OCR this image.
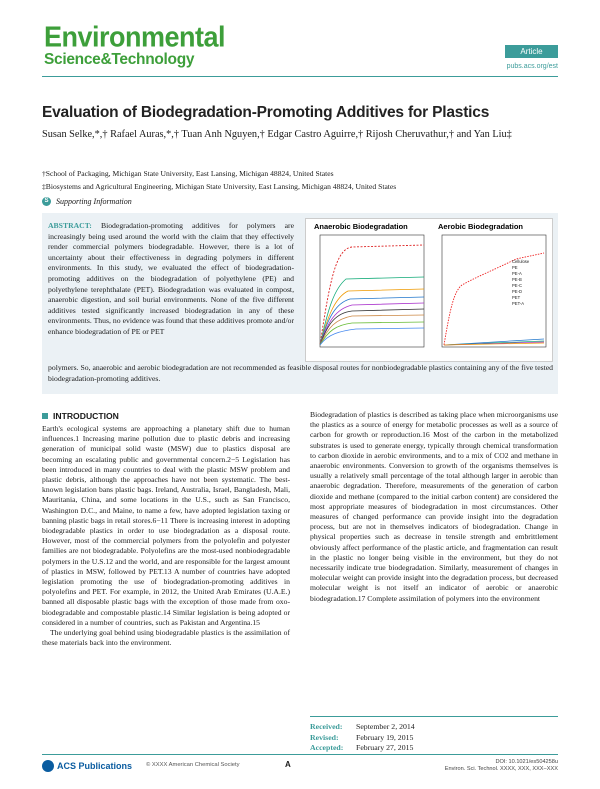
Environmental
Science&Technology	Article
pubs.acs.org/est
Evaluation of Biodegradation-Promoting Additives for Plastics
Susan Selke,*,† Rafael Auras,*,† Tuan Anh Nguyen,† Edgar Castro Aguirre,† Rijosh Cheruvathur,† and Yan Liu‡
†School of Packaging, Michigan State University, East Lansing, Michigan 48824, United States
‡Biosystems and Agricultural Engineering, Michigan State University, East Lansing, Michigan 48824, United States
S Supporting Information
ABSTRACT: Biodegradation-promoting additives for polymers are increasingly being used around the world with the claim that they effectively render commercial polymers biodegradable. However, there is a lot of uncertainty about their effectiveness in degrading polymers in different environments. In this study, we evaluated the effect of biodegradation-promoting additives on the biodegradation of polyethylene (PE) and polyethylene terephthalate (PET). Biodegradation was evaluated in compost, anaerobic digestion, and soil burial environments. None of the five different additives tested significantly increased biodegradation in any of these environments. Thus, no evidence was found that these additives promote and/or enhance biodegradation of PE or PET
polymers. So, anaerobic and aerobic biodegradation are not recommended as feasible disposal routes for nonbiodegradable plastics containing any of the five tested biodegradation-promoting additives.
Anaerobic Biodegradation	Aerobic Biodegradation
Cellulose
PE
PE-A
PE-B
PE-C
PE-D
PET
PET-A
INTRODUCTION

Earth's ecological systems are approaching a planetary shift due to human influences.1 Increasing marine pollution due to plastic debris and increasing generation of municipal solid waste (MSW) due to plastics disposal are becoming an escalating public and governmental concern.2−5 Legislation has been introduced in many countries to deal with the plastic MSW problem and plastic debris, although the approaches have not been systematic. The best-known legislation bans plastic bags. Ireland, Australia, Israel, Bangladesh, Mali, Mauritania, China, and some locations in the U.S., such as San Francisco, Washington D.C., and Maine, to name a few, have adopted legislation taxing or banning plastic bags in retail stores.6−11 There is increasing interest in adopting biodegradable plastics in order to use biodegradation as a disposal route. However, most of the commercial polymers from the polyolefin and polyester families are not biodegradable. Polyolefins are the most-used nonbiodegradable polymers in the U.S.12 and the world, and are responsible for the largest amount of plastics in MSW, followed by PET.13 A number of countries have adopted legislation promoting the use of biodegradation-promoting additives in polyolefins and PET. For example, in 2012, the United Arab Emirates (U.A.E.) banned all disposable plastic bags with the exception of those made from oxo-biodegradable and compostable plastic.14 Similar legislation is being adopted or considered in a number of countries, such as Pakistan and Argentina.15

The underlying goal behind using biodegradable plastics is the assimilation of these materials back into the environment.

Biodegradation of plastics is described as taking place when microorganisms use the plastics as a source of energy for metabolic processes as well as a source of carbon for growth or reproduction.16 Most of the carbon in the metabolized substrates is used to generate energy, typically through chemical transformation to carbon dioxide in aerobic environments, and to a mix of CO2 and methane in anaerobic environments. Conversion to growth of the organisms themselves is usually a relatively small percentage of the total although larger in aerobic than anaerobic degradation. Therefore, measurements of the generation of carbon dioxide and methane (compared to the initial carbon content) are considered the most appropriate measures of biodegradation in most circumstances. Other measures of changed performance can provide insight into the degradation process, but are not in themselves indicators of biodegradation. Change in physical properties such as decrease in tensile strength and embrittlement obviously affect performance of the plastic article, and fragmentation can result in the plastic no longer being visible in the environment, but they do not necessarily indicate true biodegradation. Similarly, measurement of changes in molecular weight can provide insight into the degradation process, but decreased molecular weight is not itself an indicator of aerobic or anaerobic biodegradation.17 Complete assimilation of polymers into the environment

Received: September 2, 2014
Revised: February 19, 2015
Accepted: February 27, 2015
ACS Publications © XXXX American Chemical Society	A	DOI: 10.1021/es504258u
Environ. Sci. Technol. XXXX, XXX, XXX−XXX
